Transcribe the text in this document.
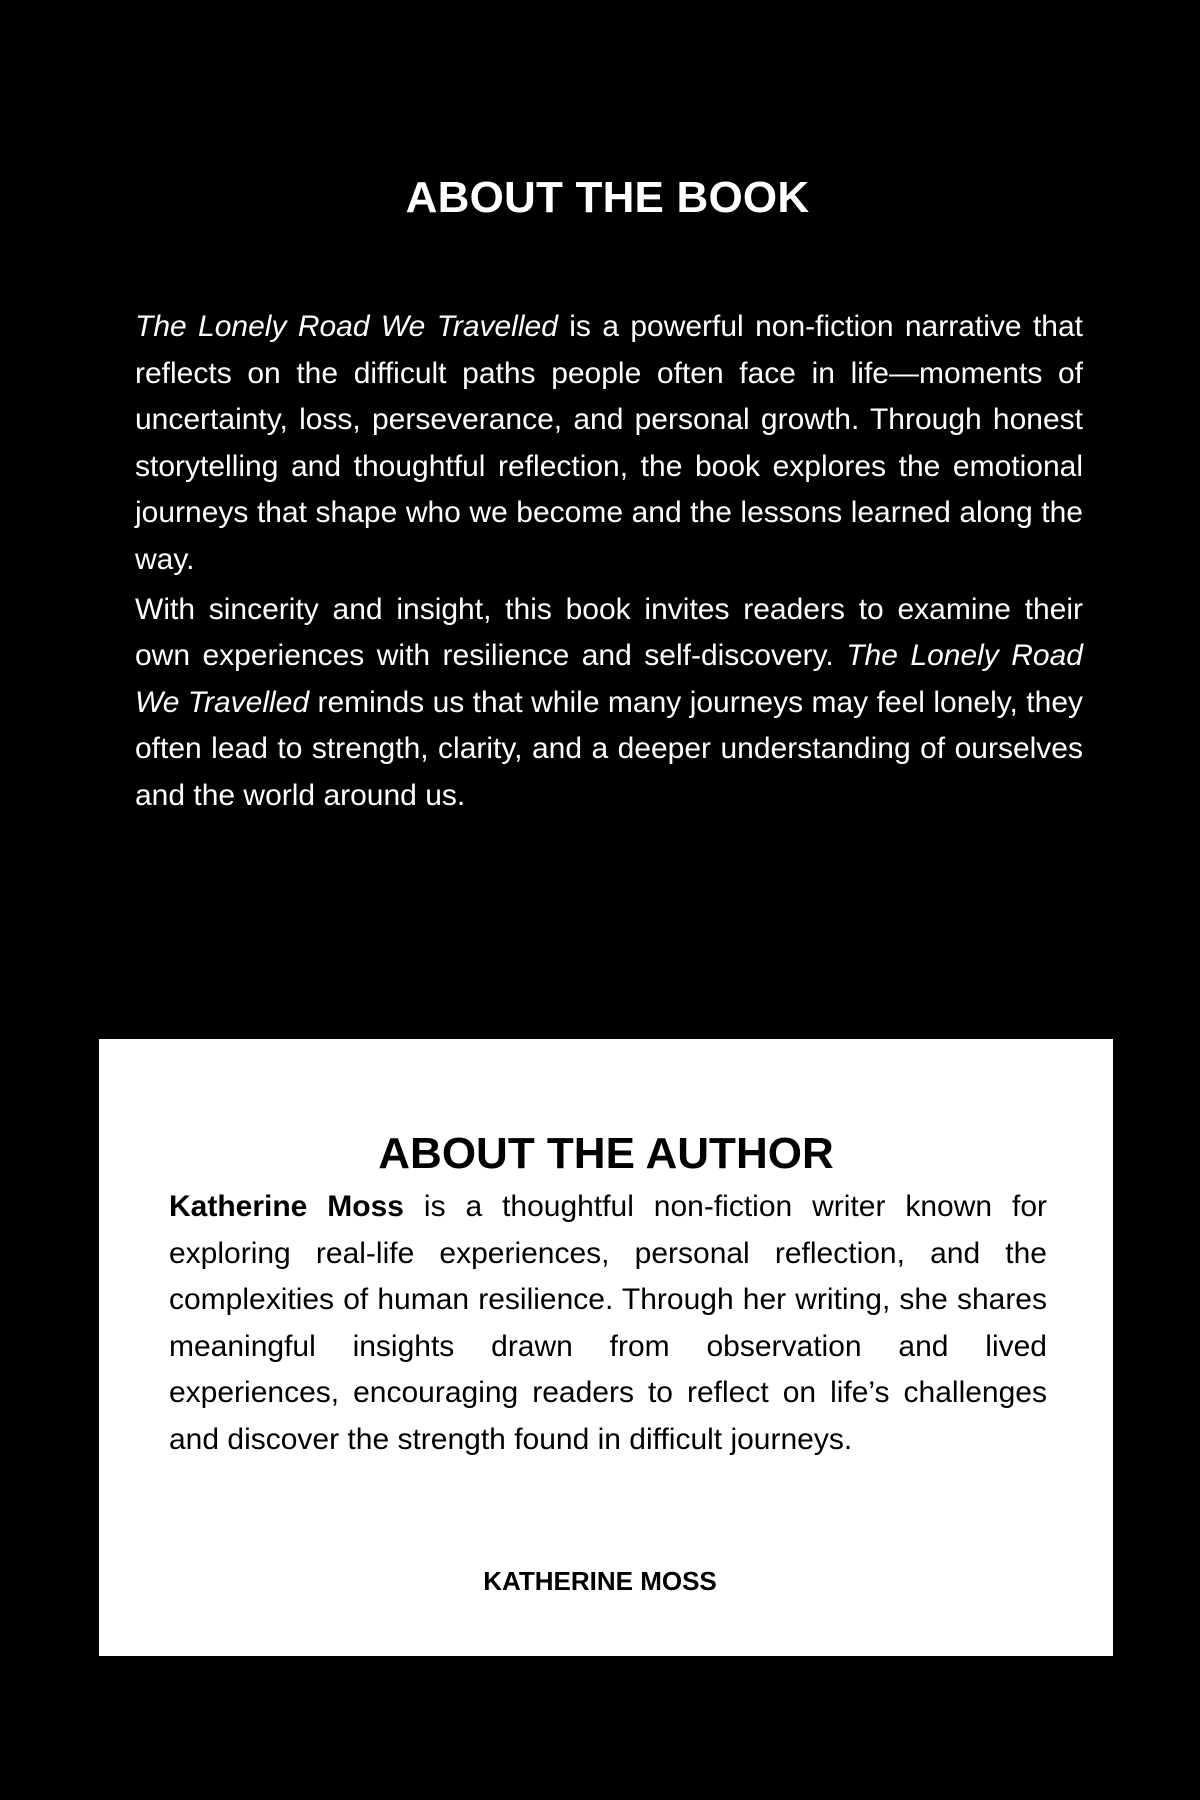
ABOUT THE BOOK

The Lonely Road We Travelled is a powerful non-fiction narrative that reflects on the difficult paths people often face in life—moments of uncertainty, loss, perseverance, and personal growth. Through honest storytelling and thoughtful reflection, the book explores the emotional journeys that shape who we become and the lessons learned along the way.

With sincerity and insight, this book invites readers to examine their own experiences with resilience and self-discovery. The Lonely Road We Travelled reminds us that while many journeys may feel lonely, they often lead to strength, clarity, and a deeper understanding of ourselves and the world around us.

ABOUT THE AUTHOR

Katherine Moss is a thoughtful non-fiction writer known for exploring real-life experiences, personal reflection, and the complexities of human resilience. Through her writing, she shares meaningful insights drawn from observation and lived experiences, encouraging readers to reflect on life’s challenges and discover the strength found in difficult journeys.

KATHERINE MOSS
